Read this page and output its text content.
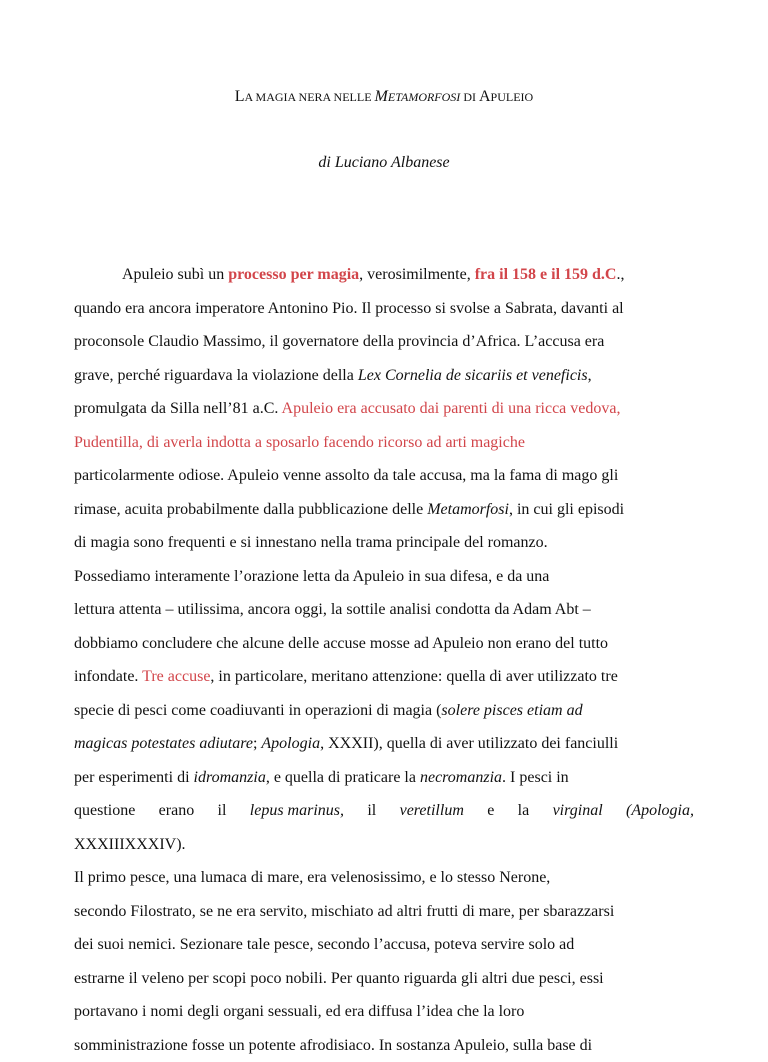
LA MAGIA NERA NELLE METAMORFOSI DI APULEIO
di Luciano Albanese
Apuleio subì un processo per magia, verosimilmente, fra il 158 e il 159 d.C.,
quando era ancora imperatore Antonino Pio. Il processo si svolse a Sabrata, davanti al
proconsole Claudio Massimo, il governatore della provincia d’Africa. L’accusa era
grave, perché riguardava la violazione della Lex Cornelia de sicariis et veneficis,
promulgata da Silla nell’81 a.C. Apuleio era accusato dai parenti di una ricca vedova,
Pudentilla, di averla indotta a sposarlo facendo ricorso ad arti magiche
particolarmente odiose. Apuleio venne assolto da tale accusa, ma la fama di mago gli
rimase, acuita probabilmente dalla pubblicazione delle Metamorfosi, in cui gli episodi
di magia sono frequenti e si innestano nella trama principale del romanzo.
Possediamo interamente l’orazione letta da Apuleio in sua difesa, e da una
lettura attenta – utilissima, ancora oggi, la sottile analisi condotta da Adam Abt –
dobbiamo concludere che alcune delle accuse mosse ad Apuleio non erano del tutto
infondate. Tre accuse, in particolare, meritano attenzione: quella di aver utilizzato tre
specie di pesci come coadiuvanti in operazioni di magia (solere pisces etiam ad
magicas potestates adiutare; Apologia, XXXII), quella di aver utilizzato dei fanciulli
per esperimenti di idromanzia, e quella di praticare la necromanzia. I pesci in
questione erano il lepus marinus, il veretillum e la virginal (Apologia,
XXXIIIXXXIV).
Il primo pesce, una lumaca di mare, era velenosissimo, e lo stesso Nerone,
secondo Filostrato, se ne era servito, mischiato ad altri frutti di mare, per sbarazzarsi
dei suoi nemici. Sezionare tale pesce, secondo l’accusa, poteva servire solo ad
estrarne il veleno per scopi poco nobili. Per quanto riguarda gli altri due pesci, essi
portavano i nomi degli organi sessuali, ed era diffusa l’idea che la loro
somministrazione fosse un potente afrodisiaco. In sostanza Apuleio, sulla base di
